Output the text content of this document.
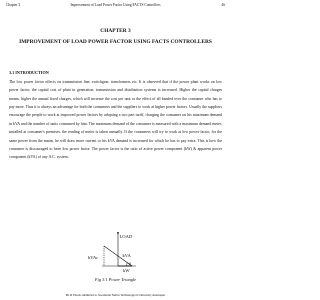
Chapter 3	Improvement of Load Power Factor Using FACTS Controllers	46
CHAPTER 3
IMPROVEMENT OF LOAD POWER FACTOR USING FACTS CONTROLLERS
3.1 INTRODUCTION

The low power factor effects on transmission line, switchgear, transformers etc. It is observed that if the power plant works on low power factor, the capital cost of plant in generation, transmission and distribution systems is increased. Higher the capital charges means, higher the annual fixed charges, which will increase the cost per unit or the effect of all banded over the consumer who has to pay more. Thus it is always an advantage for both the consumers and the suppliers to work at higher power factors. Usually the suppliers encourage the people to work at improved power factors by adopting a two part tariff, charging the consumer on his maximum demand in kVA and the number of units consumed by him. The maximum demand of the consumer is measured with a maximum demand meter, installed at consumer's premises, the reading of meter is taken annually. If the consumers will try to work at low power factor, for the same power from the mains, he will draw more current or his kVA demand is increased for which he has to pay extra. This is how the consumer is discouraged to have low power factor. The power factor is the ratio of active power component (kW) & apparent power component (kVA) of any A.C. system.

LOAD
kVAr	kVA
kW
φ
Fig 3.1 Power Triangle
Ph.D Thesis submitted to Jawaharlal Nehru Technological University Anantapur
